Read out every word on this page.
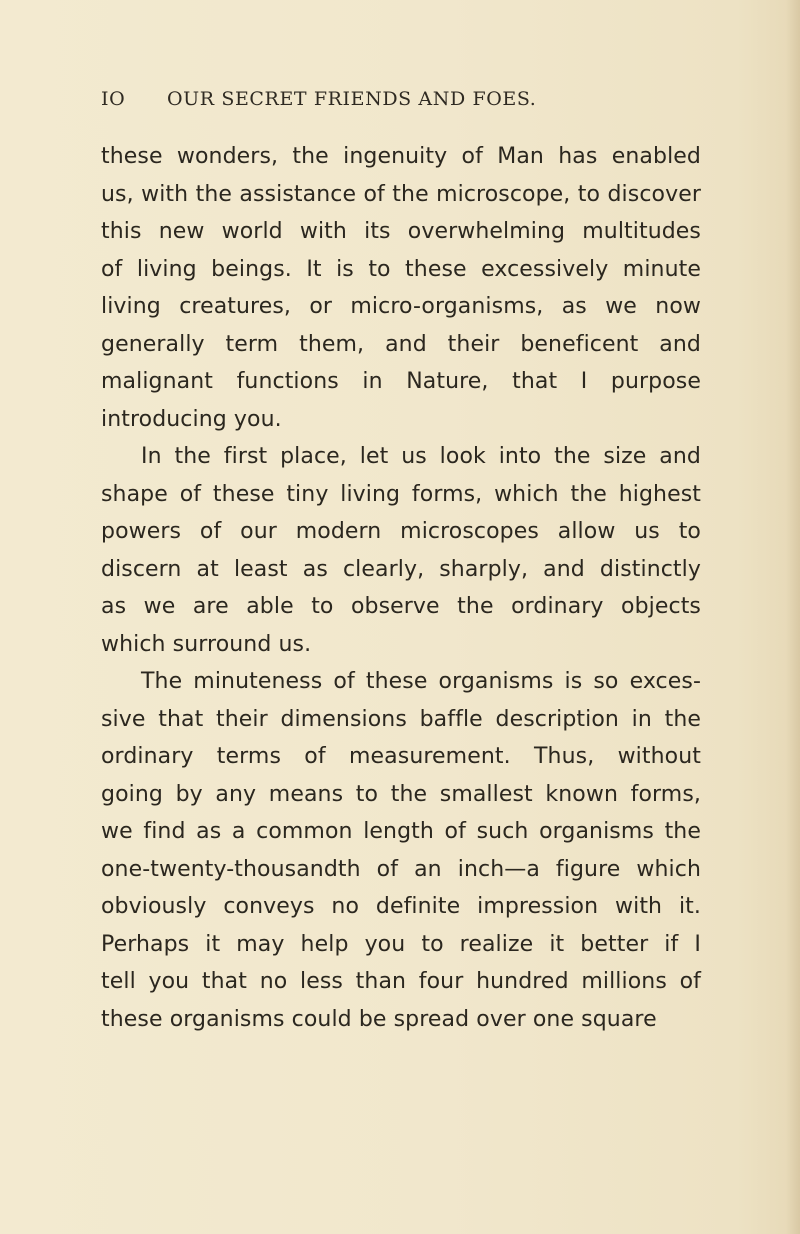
IO OUR SECRET FRIENDS AND FOES.

these wonders, the ingenuity of Man has enabled
us, with the assistance of the microscope, to discover
this new world with its overwhelming multitudes
of living beings. It is to these excessively minute
living creatures, or micro-organisms, as we now
generally term them, and their beneficent and
malignant functions in Nature, that I purpose
introducing you.

In the first place, let us look into the size and
shape of these tiny living forms, which the highest
powers of our modern microscopes allow us to
discern at least as clearly, sharply, and distinctly
as we are able to observe the ordinary objects
which surround us.

The minuteness of these organisms is so exces-
sive that their dimensions baffle description in the
ordinary terms of measurement. Thus, without
going by any means to the smallest known forms,
we find as a common length of such organisms the
one-twenty-thousandth of an inch—a figure which
obviously conveys no definite impression with it.
Perhaps it may help you to realize it better if I
tell you that no less than four hundred millions of
these organisms could be spread over one square
